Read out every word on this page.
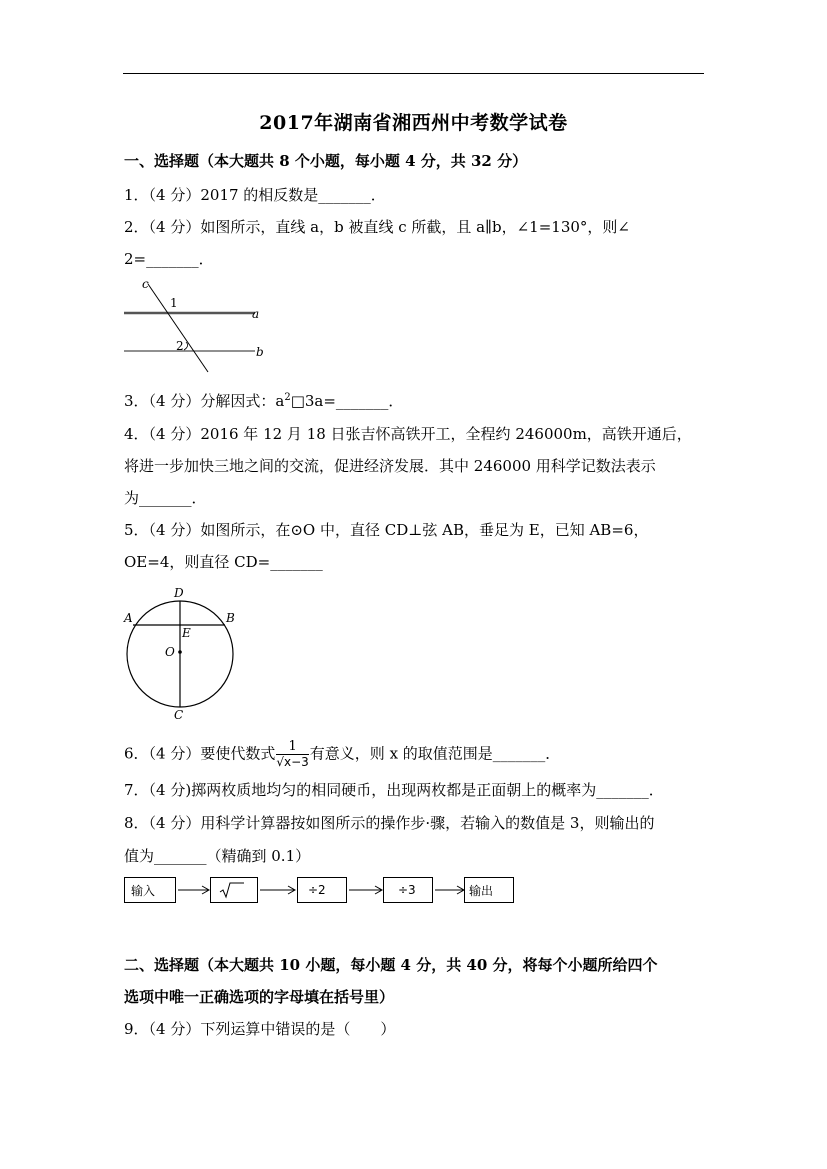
2017年湖南省湘西州中考数学试卷
一、选择题（本大题共 8 个小题，每小题 4 分，共 32 分）
1．（4 分）2017 的相反数是_______．
2．（4 分）如图所示，直线 a，b 被直线 c 所截，且 a∥b，∠1=130°，则∠
2=_______．
c
1
a
2	b
3．（4 分）分解因式：$a^2□3a=\_\_\_\_\_\_\_$．
4．（4 分）2016 年 12 月 18 日张吉怀高铁开工，全程约 246000m，高铁开通后，
将进一步加快三地之间的交流，促进经济发展．其中 246000 用科学记数法表示
为_______．
5．（4 分）如图所示，在⊙O 中，直径 CD⊥弦 AB，垂足为 E，已知 AB=6，
OE=4，则直径 CD=_______
D
A	B
E
O
C
6．（4 分）要使代数式 $\frac{1}{√x-3}$ 有意义，则 x 的取值范围是_______．
7．（4 分)掷两枚质地均匀的相同硬币，出现两枚都是正面朝上的概率为_______．
8．（4 分）用科学计算器按如图所示的操作步·骤，若输入的数值是 3，则输出的
值为_______（精确到 0.1）
输入	÷2	÷3	输出
二、选择题（本大题共 10 小题，每小题 4 分，共 40 分，将每个小题所给四个
选项中唯一正确选项的字母填在括号里）
9．（4 分）下列运算中错误的是（　　）
